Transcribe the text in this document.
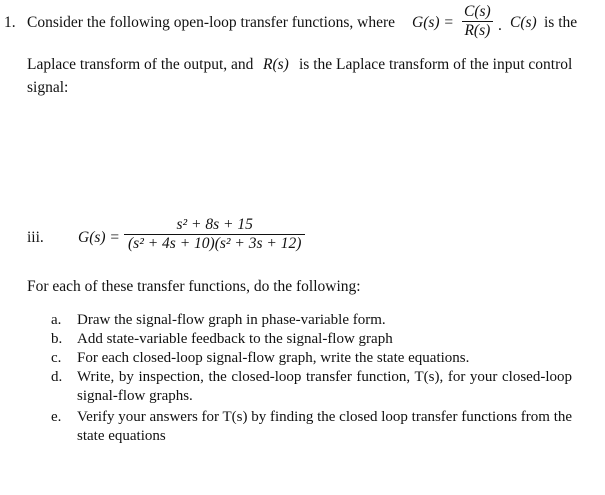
1. Consider the following open-loop transfer functions, where $G(s) = \frac{C(s)}{R(s)}$ . C(s) is the
Laplace transform of the output, and R(s) is the Laplace transform of the input control
signal:
iii. $G(s) = \frac{\text{s² + 8s + 15}}{\text{(s² + 4s + 10)(s² + 3s + 12)}}$
For each of these transfer functions, do the following:
a. Draw the signal-flow graph in phase-variable form.
b. Add state-variable feedback to the signal-flow graph
c. For each closed-loop signal-flow graph, write the state equations.
d. Write, by inspection, the closed-loop transfer function, T(s), for your closed-loop signal-flow graphs.
e. Verify your answers for T(s) by finding the closed loop transfer functions from the state equations
